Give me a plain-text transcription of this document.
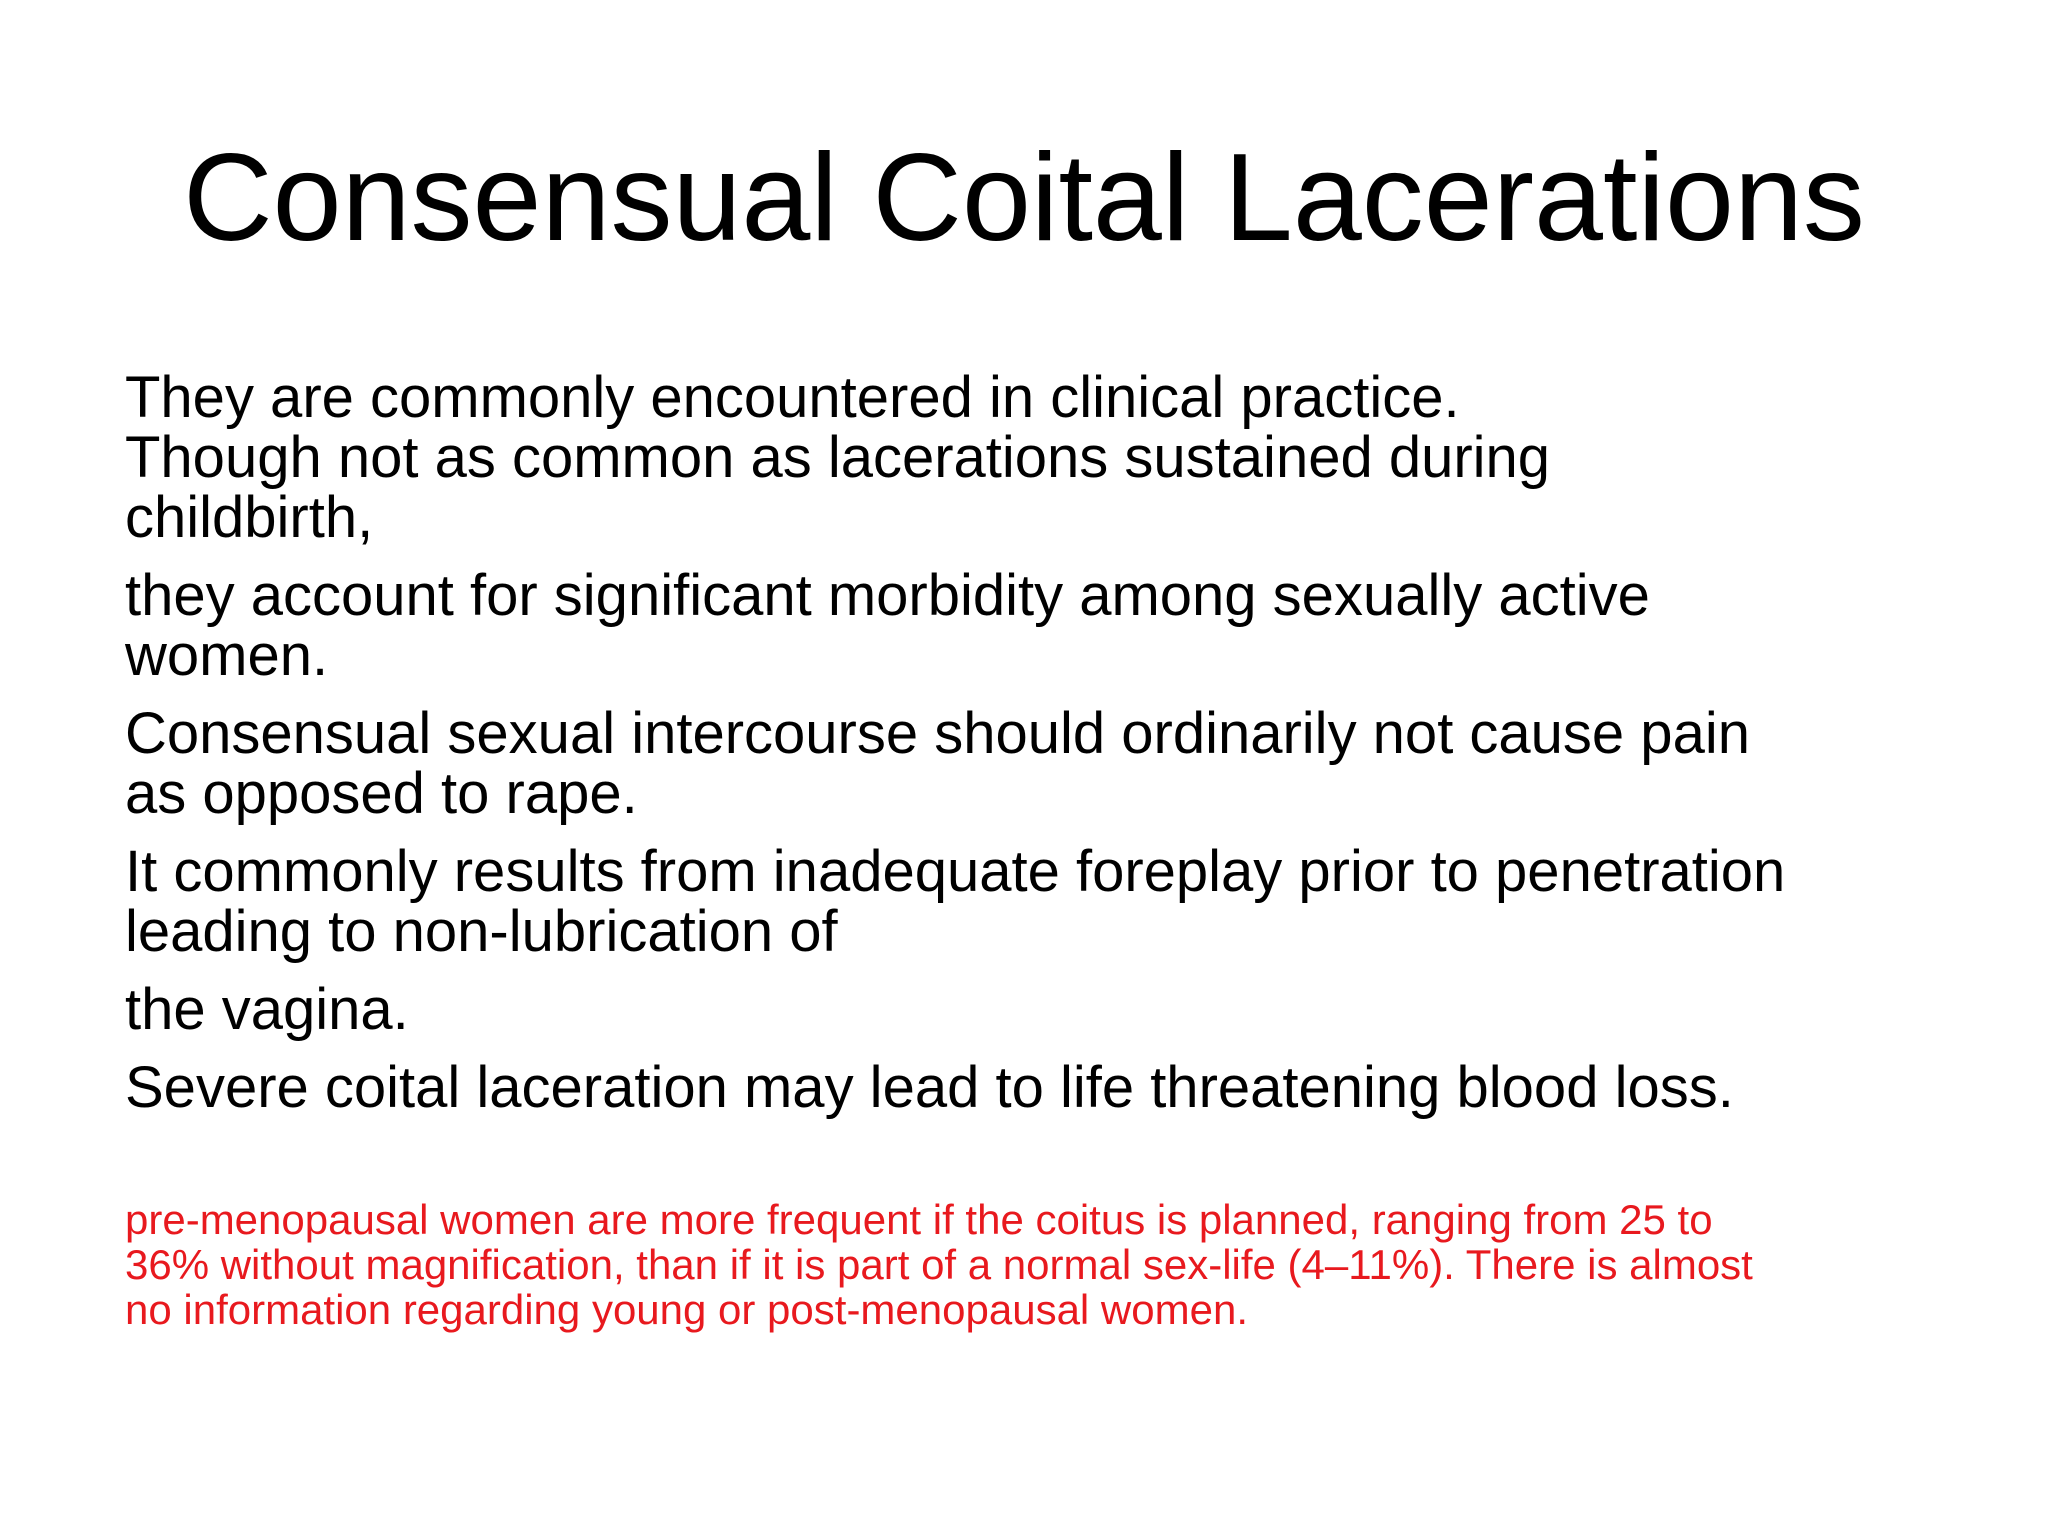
Consensual Coital Lacerations

They are commonly encountered in clinical practice.

Though not as common as lacerations sustained during

childbirth,

they account for significant morbidity among sexually active

women.

Consensual sexual intercourse should ordinarily not cause pain

as opposed to rape.

It commonly results from inadequate foreplay prior to penetration

leading to non-lubrication of

the vagina.

Severe coital laceration may lead to life threatening blood loss.

pre-menopausal women are more frequent if the coitus is planned, ranging from 25 to

36% without magnification, than if it is part of a normal sex-life (4–11%). There is almost

no information regarding young or post-menopausal women.
